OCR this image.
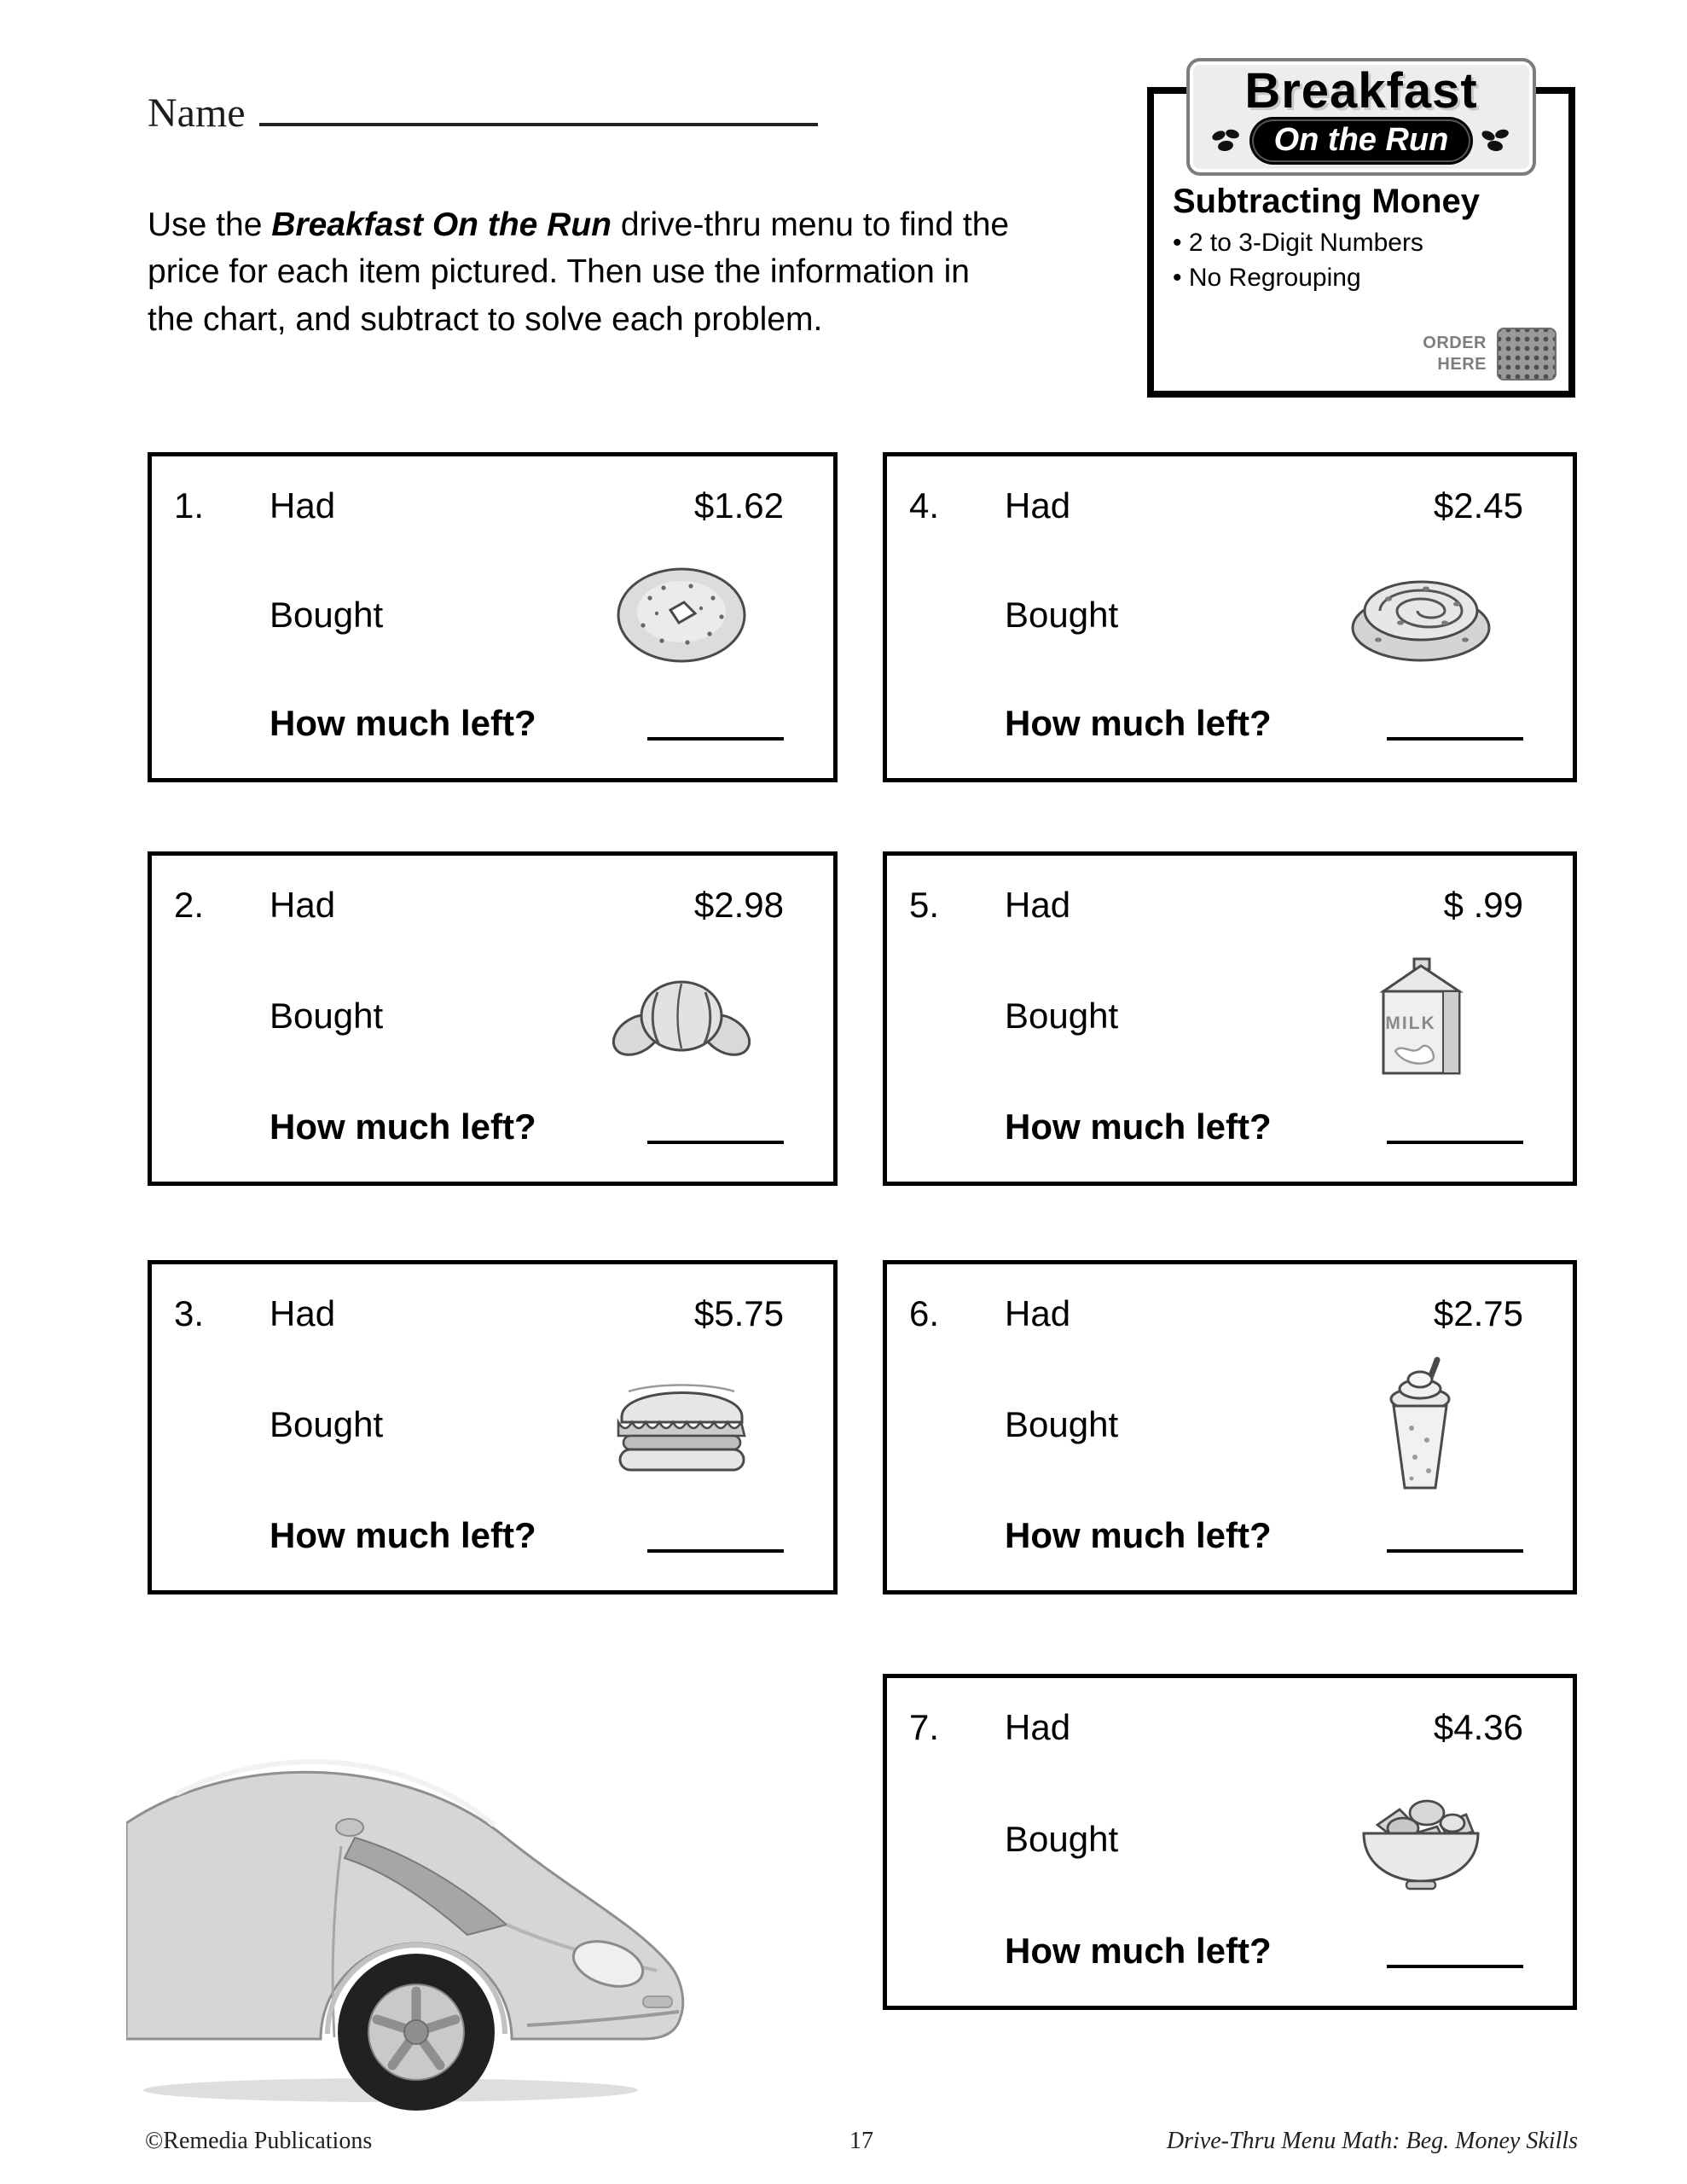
Name
Use the Breakfast On the Run drive-thru menu to find the price for each item pictured. Then use the information in the chart, and subtract to solve each problem.
Breakfast
On the Run
Subtracting Money
• 2 to 3-Digit Numbers
• No Regrouping
ORDER
HERE
1.	Had	$1.62
Bought
How much left?
4.	Had	$2.45
Bought
How much left?
2.	Had	$2.98
Bought
How much left?
5.	Had	$ .99
Bought	MILK
How much left?
3.	Had	$5.75
Bought
How much left?
6.	Had	$2.75
Bought
How much left?
7.	Had	$4.36
Bought
How much left?
©Remedia Publications	17	Drive-Thru Menu Math: Beg. Money Skills
